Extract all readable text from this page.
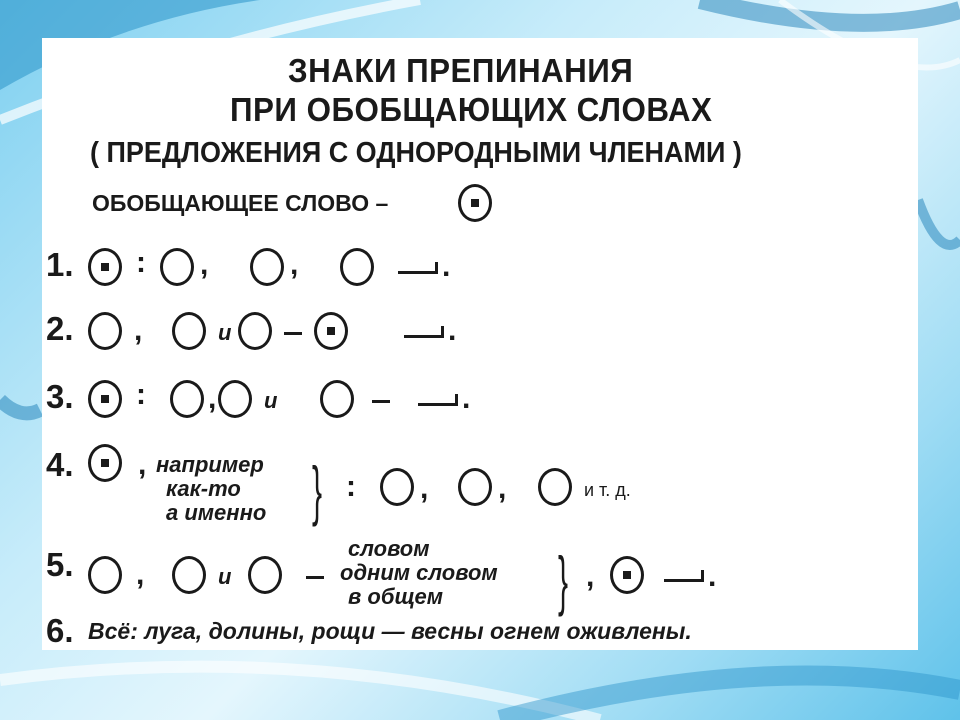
ЗНАКИ ПРЕПИНАНИЯ
ПРИ ОБОБЩАЮЩИХ СЛОВАХ
( ПРЕДЛОЖЕНИЯ С ОДНОРОДНЫМИ ЧЛЕНАМИ )
ОБОБЩАЮЩЕЕ СЛОВО –
1. : ,	,	.
2. ,	и	.
3. : , и	.
4. , например
как-то
а именно } : , ,	и т. д.
5. ,	и
словом
одним словом
в общем	} ,	.
6. Всё: луга, долины, рощи — весны огнем оживлены.
